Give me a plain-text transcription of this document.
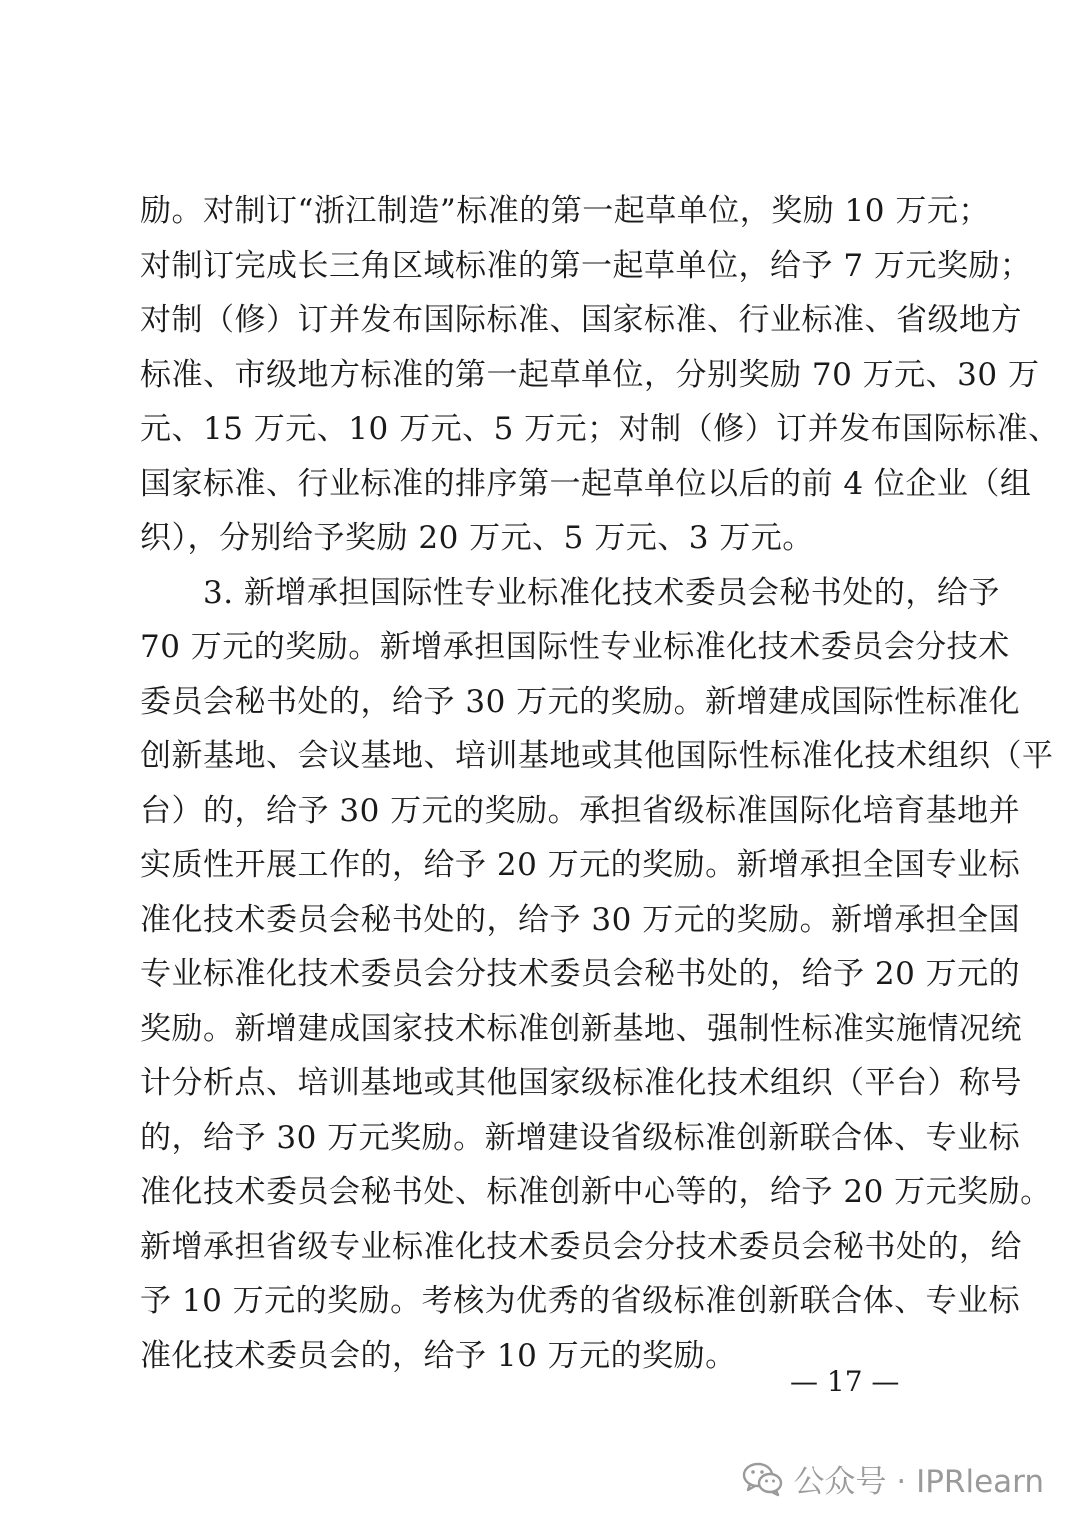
励。对制订“浙江制造”标准的第一起草单位，奖励 10 万元；
对制订完成长三角区域标准的第一起草单位，给予 7 万元奖励；
对制（修）订并发布国际标准、国家标准、行业标准、省级地方
标准、市级地方标准的第一起草单位，分别奖励 70 万元、30 万
元、15 万元、10 万元、5 万元；对制（修）订并发布国际标准、
国家标准、行业标准的排序第一起草单位以后的前 4 位企业（组
织），分别给予奖励 20 万元、5 万元、3 万元。
　　3. 新增承担国际性专业标准化技术委员会秘书处的，给予
70 万元的奖励。新增承担国际性专业标准化技术委员会分技术
委员会秘书处的，给予 30 万元的奖励。新增建成国际性标准化
创新基地、会议基地、培训基地或其他国际性标准化技术组织（平
台）的，给予 30 万元的奖励。承担省级标准国际化培育基地并
实质性开展工作的，给予 20 万元的奖励。新增承担全国专业标
准化技术委员会秘书处的，给予 30 万元的奖励。新增承担全国
专业标准化技术委员会分技术委员会秘书处的，给予 20 万元的
奖励。新增建成国家技术标准创新基地、强制性标准实施情况统
计分析点、培训基地或其他国家级标准化技术组织（平台）称号
的，给予 30 万元奖励。新增建设省级标准创新联合体、专业标
准化技术委员会秘书处、标准创新中心等的，给予 20 万元奖励。
新增承担省级专业标准化技术委员会分技术委员会秘书处的，给
予 10 万元的奖励。考核为优秀的省级标准创新联合体、专业标
准化技术委员会的，给予 10 万元的奖励。
— 17 —
公众号 · IPRlearn
